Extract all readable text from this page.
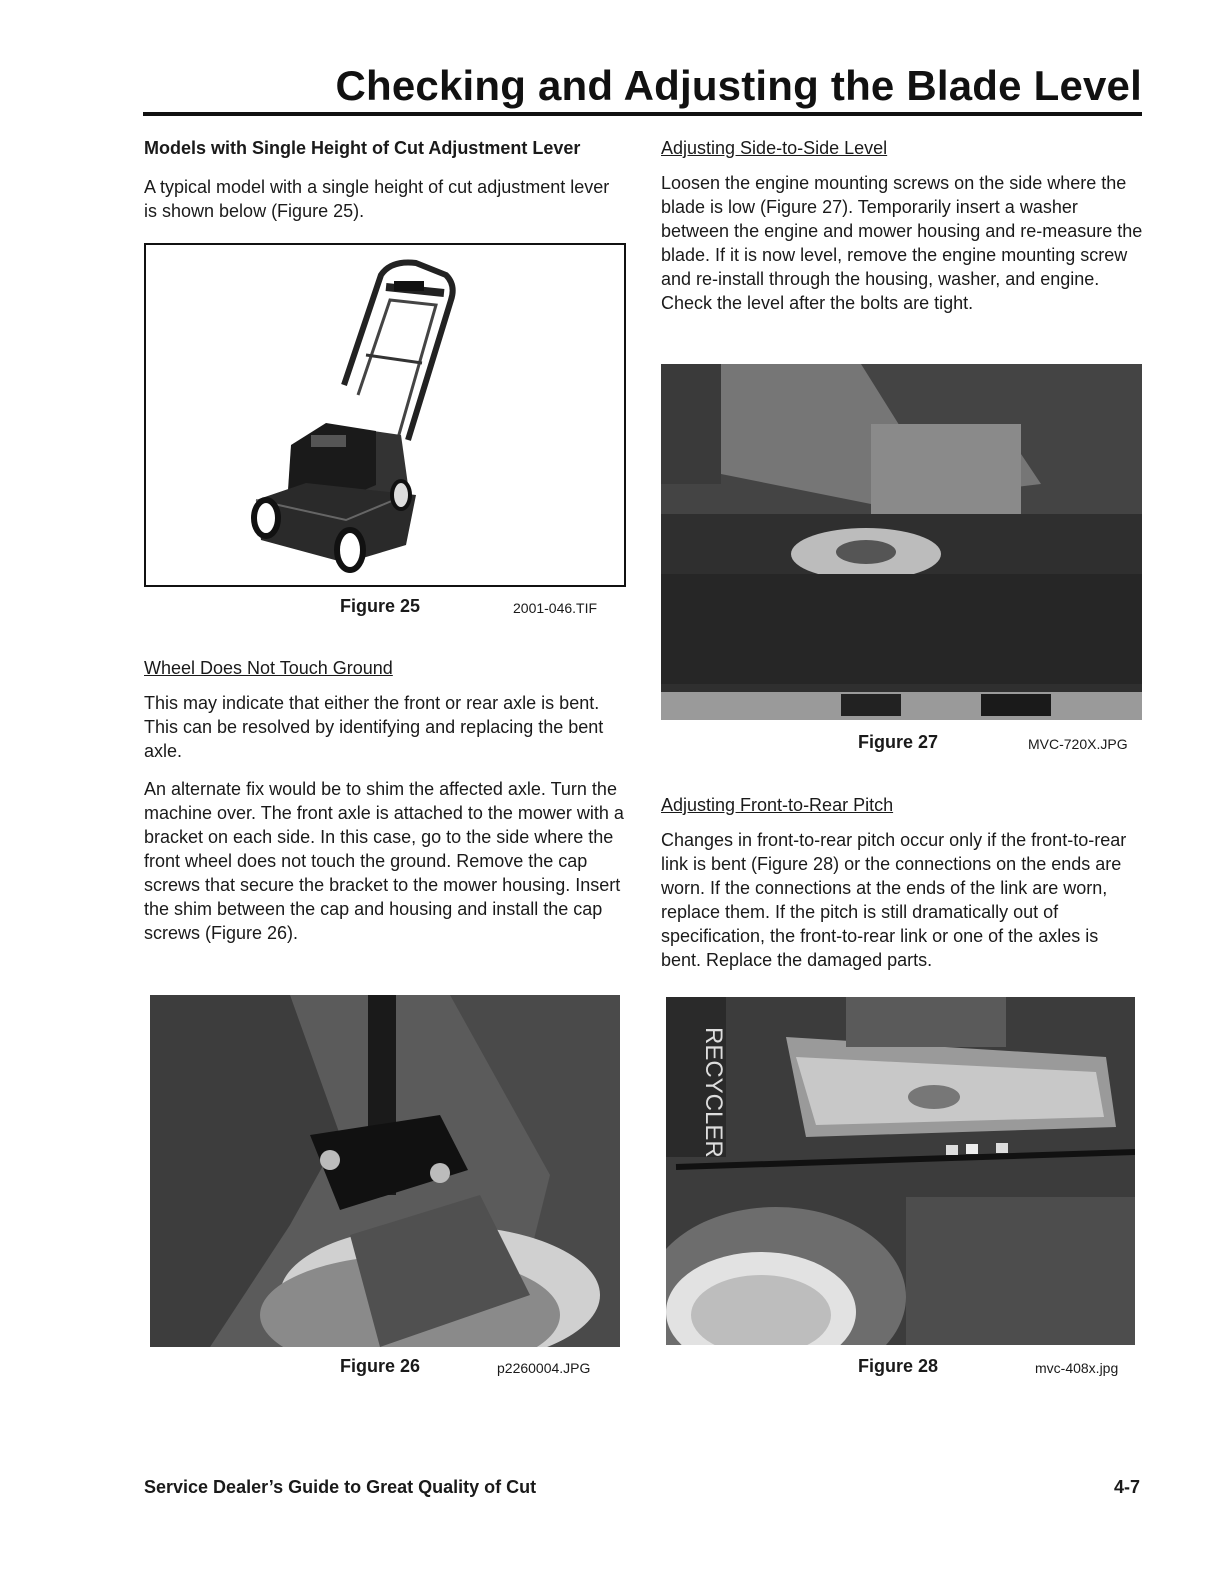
Checking and Adjusting the Blade Level
Models with Single Height of Cut Adjustment Lever

A typical model with a single height of cut adjustment lever is shown below (Figure 25).

Figure 25	2001-046.TIF
Wheel Does Not Touch Ground

This may indicate that either the front or rear axle is bent. This can be resolved by identifying and replacing the bent axle.

An alternate fix would be to shim the affected axle. Turn the machine over. The front axle is attached to the mower with a bracket on each side. In this case, go to the side where the front wheel does not touch the ground. Remove the cap screws that secure the bracket to the mower housing. Insert the shim between the cap and housing and install the cap screws (Figure 26).

Figure 26	p2260004.JPG
Adjusting Side-to-Side Level

Loosen the engine mounting screws on the side where the blade is low (Figure 27). Temporarily insert a washer between the engine and mower housing and re-measure the blade. If it is now level, remove the engine mounting screw and re-install through the housing, washer, and engine. Check the level after the bolts are tight.

Figure 27	MVC-720X.JPG
Adjusting Front-to-Rear Pitch

Changes in front-to-rear pitch occur only if the front-to-rear link is bent (Figure 28) or the connections on the ends are worn. If the connections at the ends of the link are worn, replace them. If the pitch is still dramatically out of specification, the front-to-rear link or one of the axles is bent. Replace the damaged parts.

RECYCLER
Figure 28	mvc-408x.jpg
Service Dealer’s Guide to Great Quality of Cut	4-7
